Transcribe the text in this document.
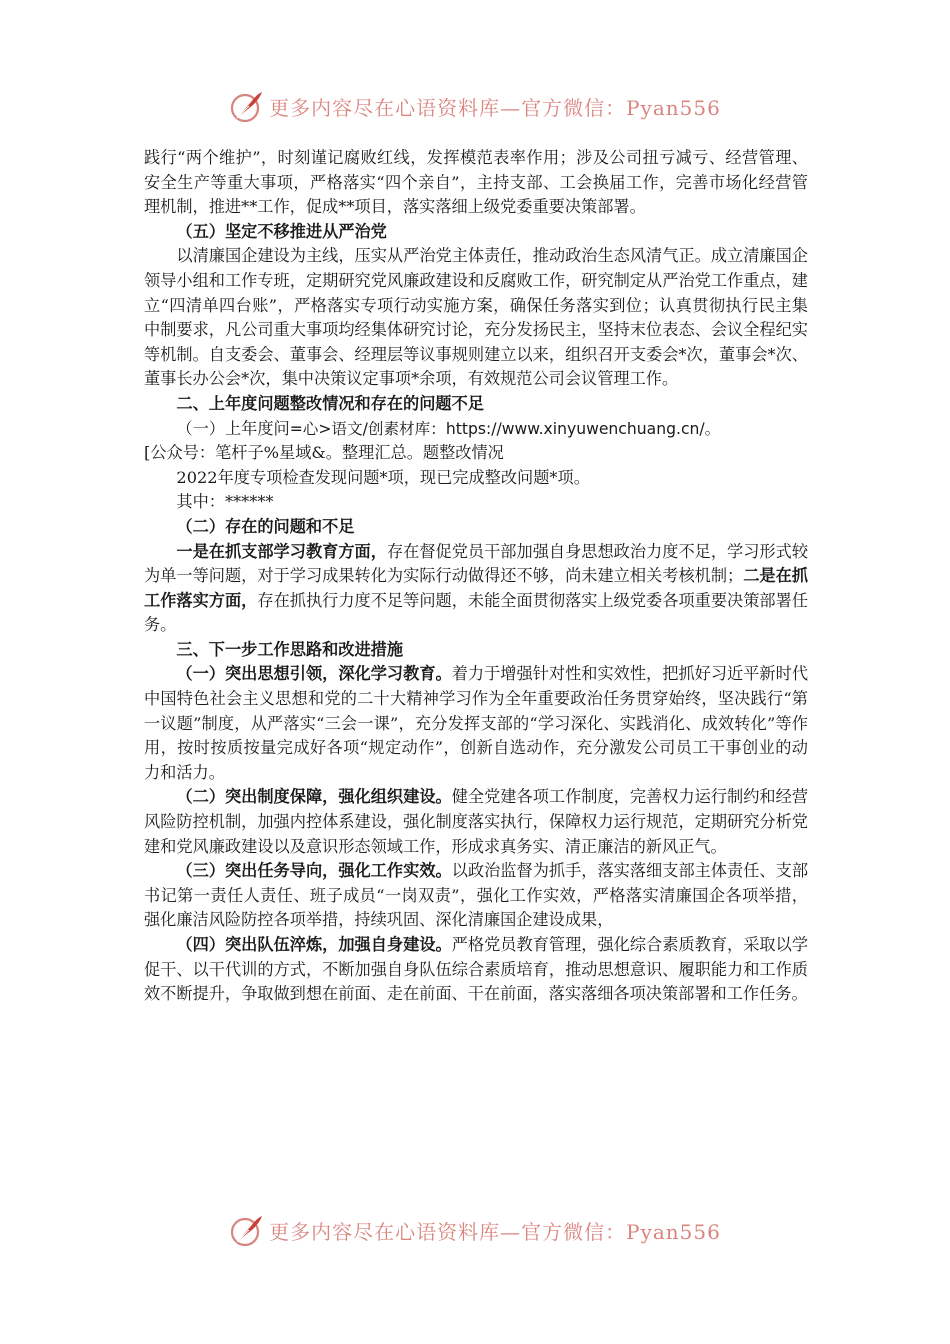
更多内容尽在心语资料库—官方微信：Pyan556

践行“两个维护”，时刻谨记腐败红线，发挥模范表率作用；涉及公司扭亏减亏、经营管理、安全生产等重大事项，严格落实“四个亲自”，主持支部、工会换届工作，完善市场化经营管理机制，推进**工作，促成**项目，落实落细上级党委重要决策部署。

（五）坚定不移推进从严治党

以清廉国企建设为主线，压实从严治党主体责任，推动政治生态风清气正。成立清廉国企领导小组和工作专班，定期研究党风廉政建设和反腐败工作，研究制定从严治党工作重点，建立“四清单四台账”，严格落实专项行动实施方案，确保任务落实到位；认真贯彻执行民主集中制要求，凡公司重大事项均经集体研究讨论，充分发扬民主，坚持末位表态、会议全程纪实等机制。自支委会、董事会、经理层等议事规则建立以来，组织召开支委会*次，董事会*次、董事长办公会*次，集中决策议定事项*余项，有效规范公司会议管理工作。

二、上年度问题整改情况和存在的问题不足

（一）上年度问=心>语文/创素材库：https://www.xinyuwenchuang.cn/。

[公众号：笔杆子%星域&。整理汇总。题整改情况

2022年度专项检查发现问题*项，现已完成整改问题*项。

其中：******

（二）存在的问题和不足

一是在抓支部学习教育方面，存在督促党员干部加强自身思想政治力度不足，学习形式较为单一等问题，对于学习成果转化为实际行动做得还不够，尚未建立相关考核机制；二是在抓工作落实方面，存在抓执行力度不足等问题，未能全面贯彻落实上级党委各项重要决策部署任务。

三、下一步工作思路和改进措施

（一）突出思想引领，深化学习教育。着力于增强针对性和实效性，把抓好习近平新时代中国特色社会主义思想和党的二十大精神学习作为全年重要政治任务贯穿始终，坚决践行“第一议题”制度，从严落实“三会一课”，充分发挥支部的“学习深化、实践消化、成效转化”等作用，按时按质按量完成好各项“规定动作”，创新自选动作，充分激发公司员工干事创业的动力和活力。

（二）突出制度保障，强化组织建设。健全党建各项工作制度，完善权力运行制约和经营风险防控机制，加强内控体系建设，强化制度落实执行，保障权力运行规范，定期研究分析党建和党风廉政建设以及意识形态领域工作，形成求真务实、清正廉洁的新风正气。

（三）突出任务导向，强化工作实效。以政治监督为抓手，落实落细支部主体责任、支部书记第一责任人责任、班子成员“一岗双责”，强化工作实效，严格落实清廉国企各项举措，强化廉洁风险防控各项举措，持续巩固、深化清廉国企建设成果，

（四）突出队伍淬炼，加强自身建设。严格党员教育管理，强化综合素质教育，采取以学促干、以干代训的方式，不断加强自身队伍综合素质培育，推动思想意识、履职能力和工作质效不断提升，争取做到想在前面、走在前面、干在前面，落实落细各项决策部署和工作任务。

更多内容尽在心语资料库—官方微信：Pyan556
